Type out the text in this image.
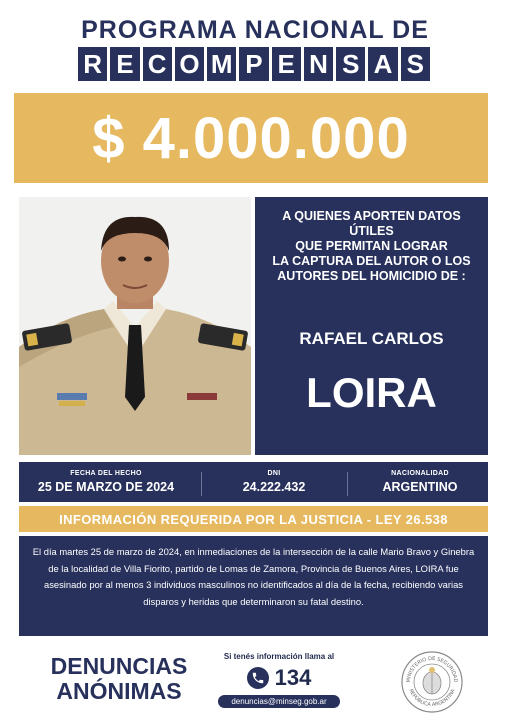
PROGRAMA NACIONAL DE
R E C O M P E N S A S
$ 4.000.000
A QUIENES APORTEN DATOS
ÚTILES
QUE PERMITAN LOGRAR
LA CAPTURA DEL AUTOR O LOS
AUTORES DEL HOMICIDIO DE :
RAFAEL CARLOS
LOIRA
FECHA DEL HECHO
25 DE MARZO DE 2024
DNI
24.222.432
NACIONALIDAD
ARGENTINO
INFORMACIÓN REQUERIDA POR LA JUSTICIA - LEY 26.538
El día martes 25 de marzo de 2024, en inmediaciones de la intersección de la calle Mario Bravo y Ginebra de la localidad de Villa Fiorito, partido de Lomas de Zamora, Provincia de Buenos Aires, LOIRA fue asesinado por al menos 3 individuos masculinos no identificados al día de la fecha, recibiendo varias disparos y heridas que determinaron su fatal destino.
DENUNCIAS
ANÓNIMAS
Si tenés información llama al
134
denuncias@minseg.gob.ar
MINISTERIO DE SEGURIDAD
REPÚBLICA ARGENTINA
